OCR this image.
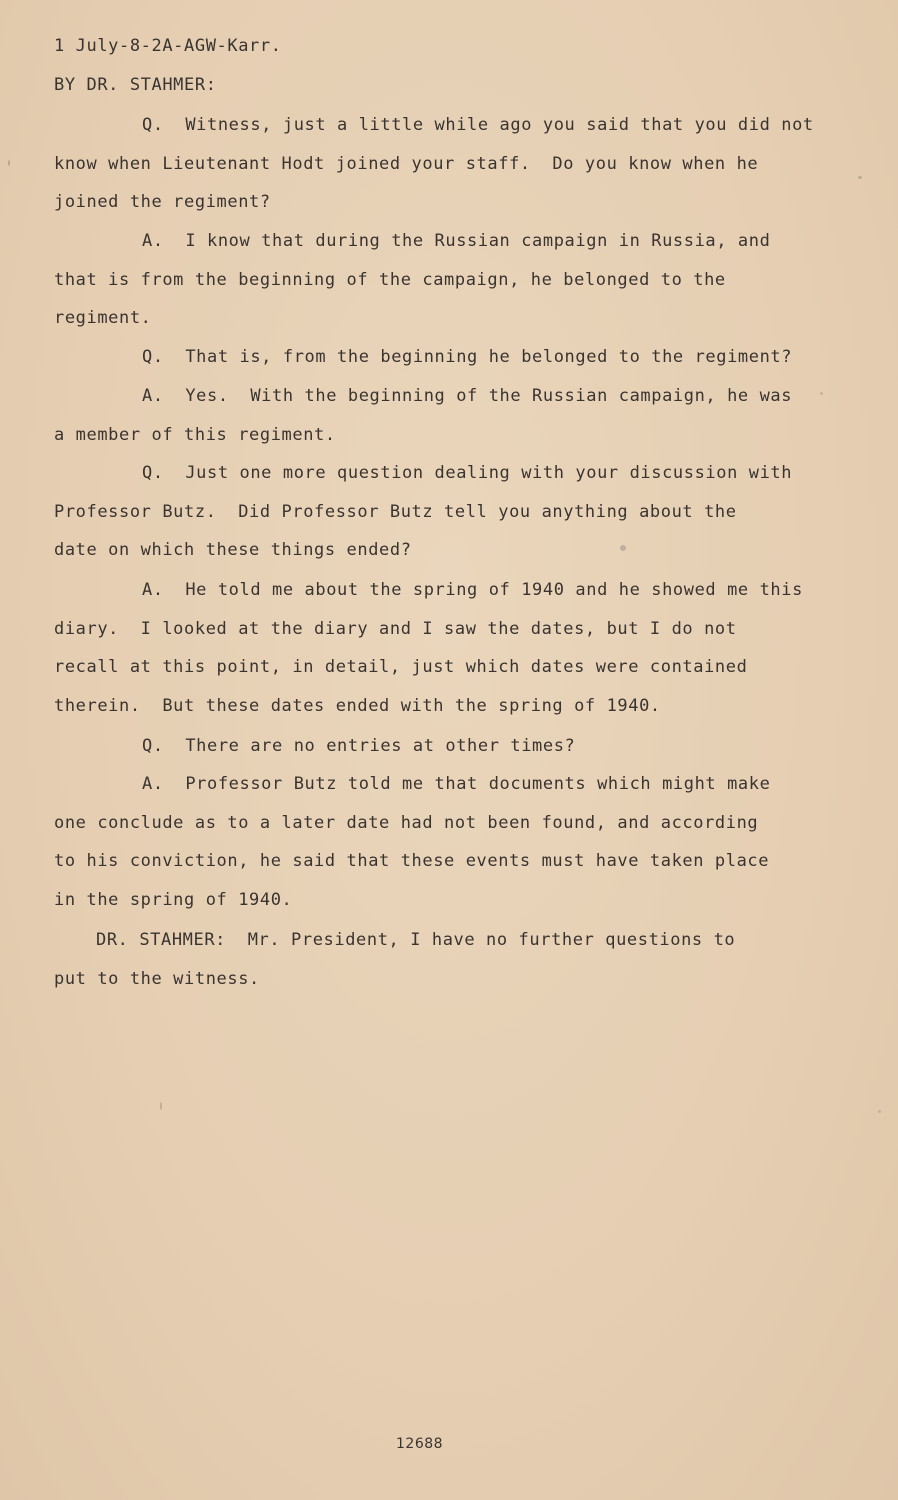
1 July-8-2A-AGW-Karr.
BY DR. STAHMER:
Q.  Witness, just a little while ago you said that you did not
know when Lieutenant Hodt joined your staff.  Do you know when he
joined the regiment?
A.  I know that during the Russian campaign in Russia, and
that is from the beginning of the campaign, he belonged to the
regiment.
Q.  That is, from the beginning he belonged to the regiment?
A.  Yes.  With the beginning of the Russian campaign, he was
a member of this regiment.
Q.  Just one more question dealing with your discussion with
Professor Butz.  Did Professor Butz tell you anything about the
date on which these things ended?
A.  He told me about the spring of 1940 and he showed me this
diary.  I looked at the diary and I saw the dates, but I do not
recall at this point, in detail, just which dates were contained
therein.  But these dates ended with the spring of 1940.
Q.  There are no entries at other times?
A.  Professor Butz told me that documents which might make
one conclude as to a later date had not been found, and according
to his conviction, he said that these events must have taken place
in the spring of 1940.
DR. STAHMER:  Mr. President, I have no further questions to
put to the witness.
12688
